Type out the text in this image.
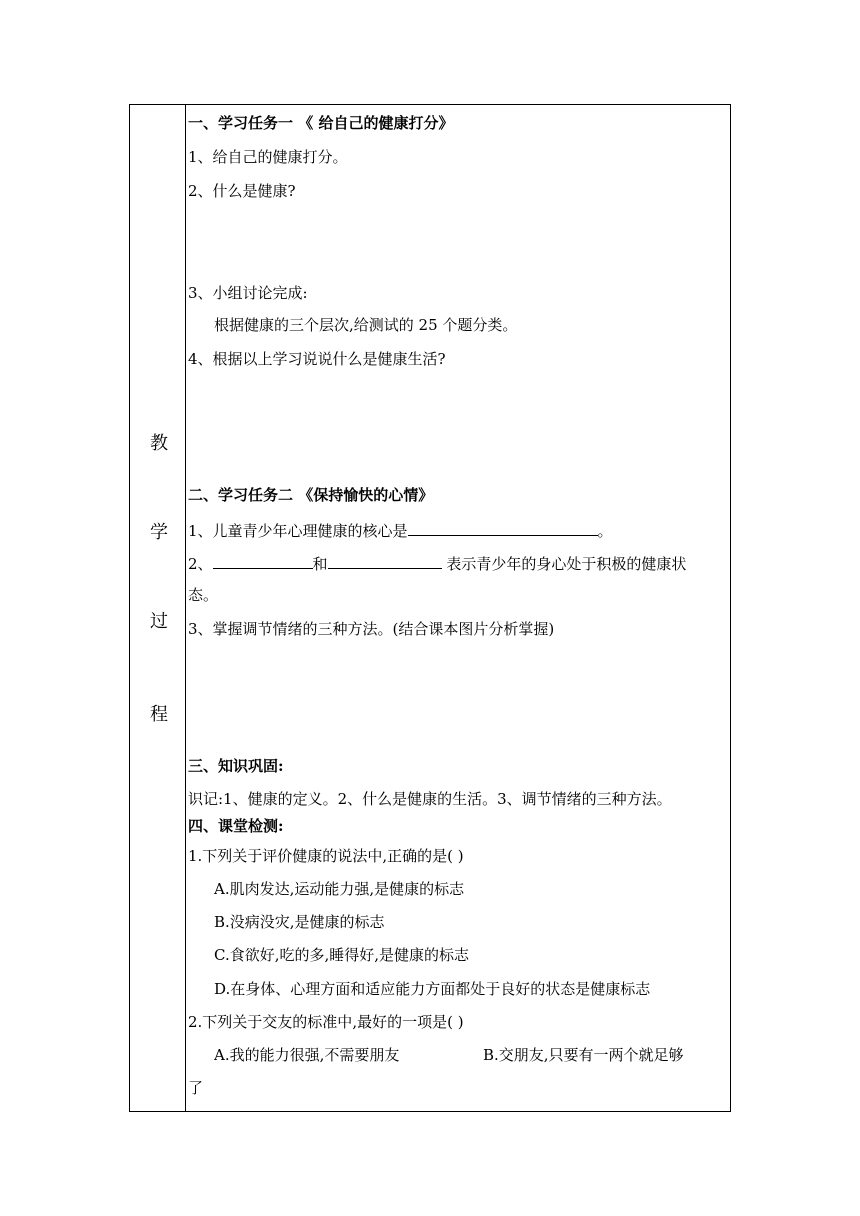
教
学
过
程
一、学习任务一 《 给自己的健康打分》
1、给自己的健康打分。
2、什么是健康?
3、小组讨论完成:
根据健康的三个层次,给测试的 25 个题分类。
4、根据以上学习说说什么是健康生活?
二、学习任务二 《保持愉快的心情》
1、儿童青少年心理健康的核心是	。
2、	和	表示青少年的身心处于积极的健康状
态。
3、掌握调节情绪的三种方法。(结合课本图片分析掌握)
三、知识巩固:
识记:1、健康的定义。2、什么是健康的生活。3、调节情绪的三种方法。
四、课堂检测:
1.下列关于评价健康的说法中,正确的是( )
A.肌肉发达,运动能力强,是健康的标志
B.没病没灾,是健康的标志
C.食欲好,吃的多,睡得好,是健康的标志
D.在身体、心理方面和适应能力方面都处于良好的状态是健康标志
2.下列关于交友的标准中,最好的一项是( )
A.我的能力很强,不需要朋友	B.交朋友,只要有一两个就足够
了
